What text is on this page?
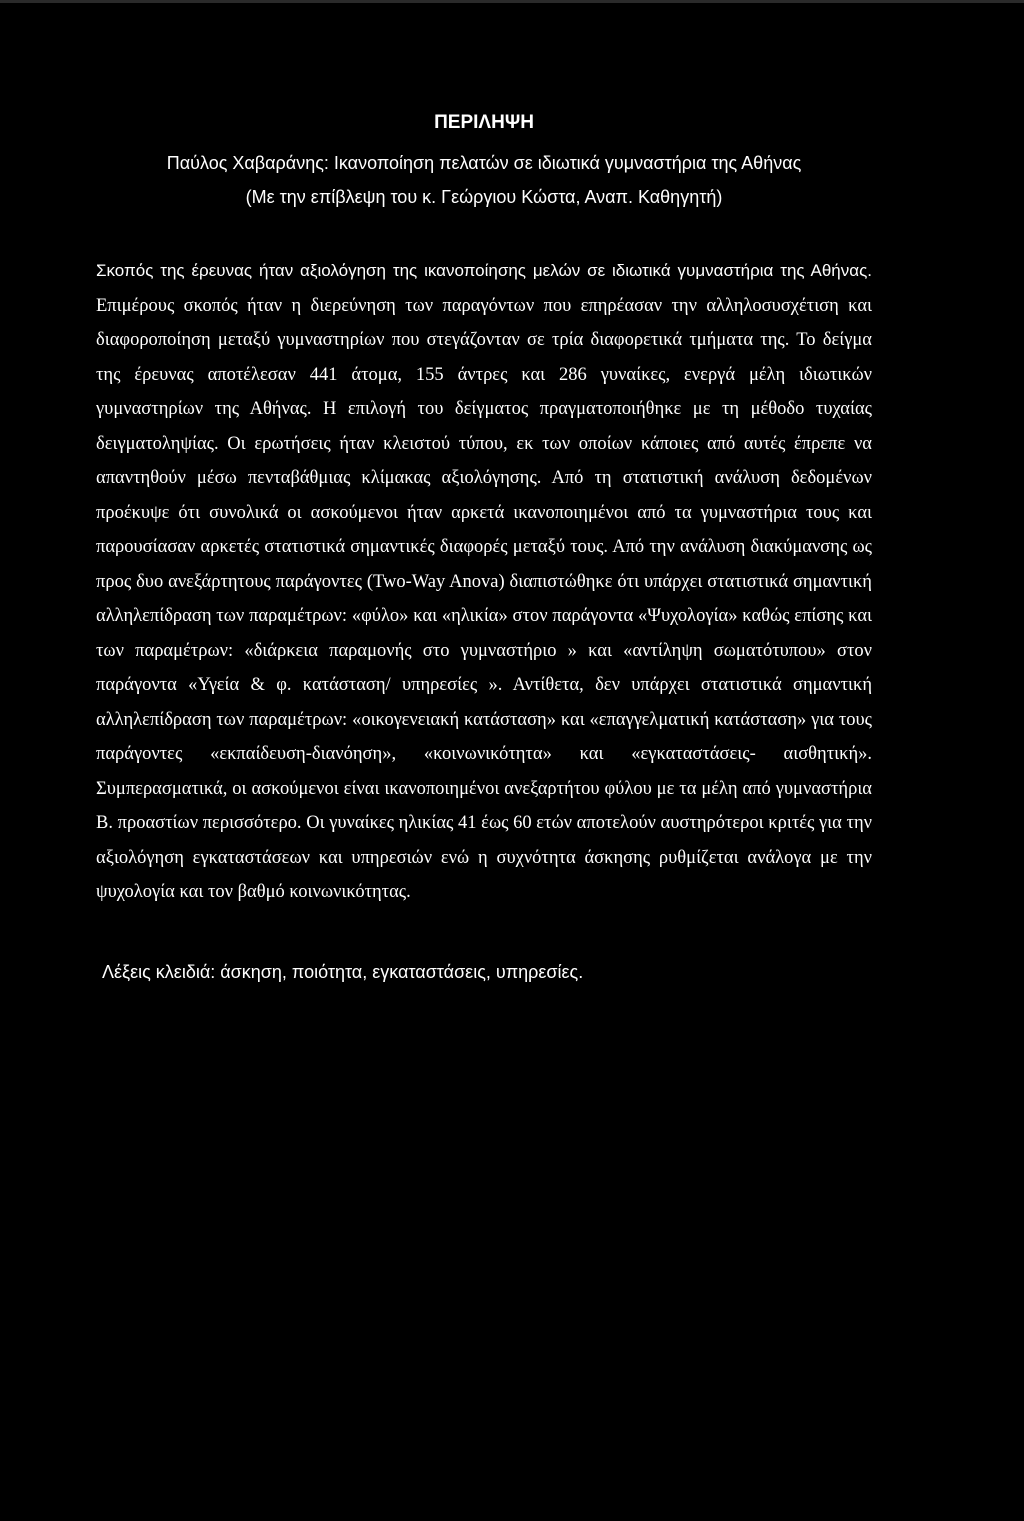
ΠΕΡΙΛΗΨΗ
Παύλος Χαβαράνης: Ικανοποίηση πελατών σε ιδιωτικά γυμναστήρια της Αθήνας
(Με την επίβλεψη του κ. Γεώργιου Κώστα, Αναπ. Καθηγητή)
Σκοπός της έρευνας ήταν αξιολόγηση της ικανοποίησης μελών σε ιδιωτικά γυμναστήρια της Αθήνας. Επιμέρους σκοπός ήταν η διερεύνηση των παραγόντων που επηρέασαν την αλληλοσυσχέτιση και διαφοροποίηση μεταξύ γυμναστηρίων που στεγάζονταν σε τρία διαφορετικά τμήματα της. Το δείγμα της έρευνας αποτέλεσαν 441 άτομα, 155 άντρες και 286 γυναίκες, ενεργά μέλη ιδιωτικών γυμναστηρίων της Αθήνας. Η επιλογή του δείγματος πραγματοποιήθηκε με τη μέθοδο τυχαίας δειγματοληψίας. Οι ερωτήσεις ήταν κλειστού τύπου, εκ των οποίων κάποιες από αυτές έπρεπε να απαντηθούν μέσω πενταβάθμιας κλίμακας αξιολόγησης. Από τη στατιστική ανάλυση δεδομένων προέκυψε ότι συνολικά οι ασκούμενοι ήταν αρκετά ικανοποιημένοι από τα γυμναστήρια τους και παρουσίασαν αρκετές στατιστικά σημαντικές διαφορές μεταξύ τους. Από την ανάλυση διακύμανσης ως προς δυο ανεξάρτητους παράγοντες (Two-Way Anova) διαπιστώθηκε ότι υπάρχει στατιστικά σημαντική αλληλεπίδραση των παραμέτρων: «φύλο» και «ηλικία» στον παράγοντα «Ψυχολογία» καθώς επίσης και των παραμέτρων: «διάρκεια παραμονής στο γυμναστήριο » και «αντίληψη σωματότυπου» στον παράγοντα «Υγεία & φ. κατάσταση/ υπηρεσίες ». Αντίθετα, δεν υπάρχει στατιστικά σημαντική αλληλεπίδραση των παραμέτρων: «οικογενειακή κατάσταση» και «επαγγελματική κατάσταση» για τους παράγοντες «εκπαίδευση-διανόηση», «κοινωνικότητα» και «εγκαταστάσεις- αισθητική». Συμπερασματικά, οι ασκούμενοι είναι ικανοποιημένοι ανεξαρτήτου φύλου με τα μέλη από γυμναστήρια Β. προαστίων περισσότερο. Οι γυναίκες ηλικίας 41 έως 60 ετών αποτελούν αυστηρότεροι κριτές για την αξιολόγηση εγκαταστάσεων και υπηρεσιών ενώ η συχνότητα άσκησης ρυθμίζεται ανάλογα με την ψυχολογία και τον βαθμό κοινωνικότητας.
Λέξεις κλειδιά: άσκηση, ποιότητα, εγκαταστάσεις, υπηρεσίες.
